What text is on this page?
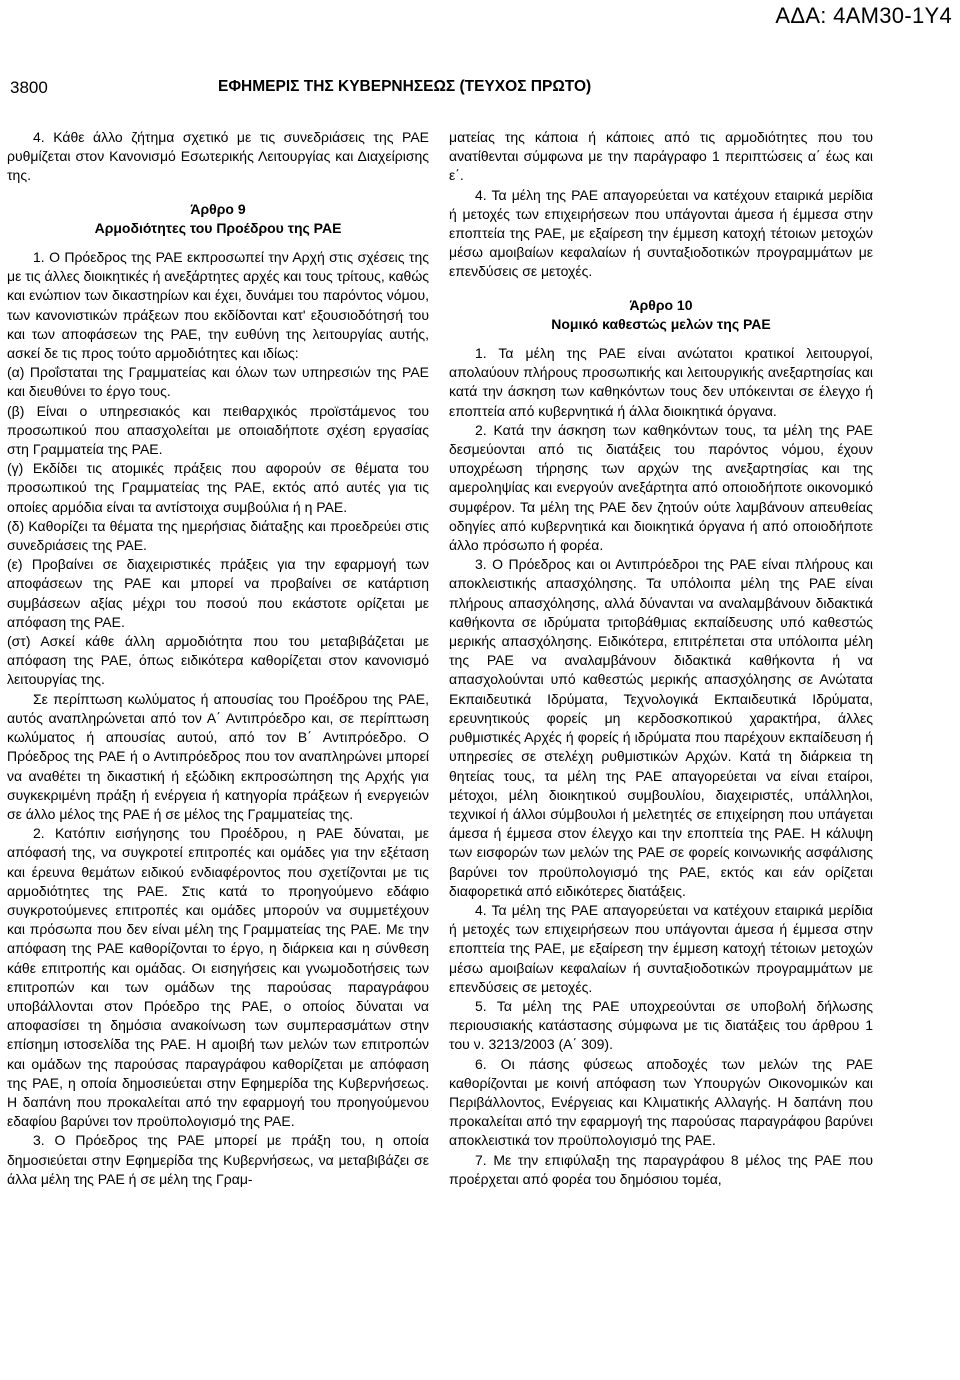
ΑΔΑ: 4ΑΜ30-1Υ4
3800	ΕΦΗΜΕΡΙΣ ΤΗΣ ΚΥΒΕΡΝΗΣΕΩΣ (ΤΕΥΧΟΣ ΠΡΩΤΟ)

4. Κάθε άλλο ζήτημα σχετικό με τις συνεδριάσεις της ΡΑΕ ρυθμίζεται στον Κανονισμό Εσωτερικής Λειτουργίας και Διαχείρισης της.

Άρθρο 9
Αρμοδιότητες του Προέδρου της ΡΑΕ

1. Ο Πρόεδρος της ΡΑΕ εκπροσωπεί την Αρχή στις σχέσεις της με τις άλλες διοικητικές ή ανεξάρτητες αρχές και τους τρίτους, καθώς και ενώπιον των δικαστηρίων και έχει, δυνάμει του παρόντος νόμου, των κανονιστικών πράξεων που εκδίδονται κατ' εξουσιοδότησή του και των αποφάσεων της ΡΑΕ, την ευθύνη της λειτουργίας αυτής, ασκεί δε τις προς τούτο αρμοδιότητες και ιδίως:

(α) Προΐσταται της Γραμματείας και όλων των υπηρεσιών της ΡΑΕ και διευθύνει το έργο τους.

(β) Είναι ο υπηρεσιακός και πειθαρχικός προϊστάμενος του προσωπικού που απασχολείται με οποιαδήποτε σχέση εργασίας στη Γραμματεία της ΡΑΕ.

(γ) Εκδίδει τις ατομικές πράξεις που αφορούν σε θέματα του προσωπικού της Γραμματείας της ΡΑΕ, εκτός από αυτές για τις οποίες αρμόδια είναι τα αντίστοιχα συμβούλια ή η ΡΑΕ.

(δ) Καθορίζει τα θέματα της ημερήσιας διάταξης και προεδρεύει στις συνεδριάσεις της ΡΑΕ.

(ε) Προβαίνει σε διαχειριστικές πράξεις για την εφαρμογή των αποφάσεων της ΡΑΕ και μπορεί να προβαίνει σε κατάρτιση συμβάσεων αξίας μέχρι του ποσού που εκάστοτε ορίζεται με απόφαση της ΡΑΕ.

(στ) Ασκεί κάθε άλλη αρμοδιότητα που του μεταβιβάζεται με απόφαση της ΡΑΕ, όπως ειδικότερα καθορίζεται στον κανονισμό λειτουργίας της.

Σε περίπτωση κωλύματος ή απουσίας του Προέδρου της ΡΑΕ, αυτός αναπληρώνεται από τον Α΄ Αντιπρόεδρο και, σε περίπτωση κωλύματος ή απουσίας αυτού, από τον Β΄ Αντιπρόεδρο. Ο Πρόεδρος της ΡΑΕ ή ο Αντιπρόεδρος που τον αναπληρώνει μπορεί να αναθέτει τη δικαστική ή εξώδικη εκπροσώπηση της Αρχής για συγκεκριμένη πράξη ή ενέργεια ή κατηγορία πράξεων ή ενεργειών σε άλλο μέλος της ΡΑΕ ή σε μέλος της Γραμματείας της.

2. Κατόπιν εισήγησης του Προέδρου, η ΡΑΕ δύναται, με απόφασή της, να συγκροτεί επιτροπές και ομάδες για την εξέταση και έρευνα θεμάτων ειδικού ενδιαφέροντος που σχετίζονται με τις αρμοδιότητες της ΡΑΕ. Στις κατά το προηγούμενο εδάφιο συγκροτούμενες επιτροπές και ομάδες μπορούν να συμμετέχουν και πρόσωπα που δεν είναι μέλη της Γραμματείας της ΡΑΕ. Με την απόφαση της ΡΑΕ καθορίζονται το έργο, η διάρκεια και η σύνθεση κάθε επιτροπής και ομάδας. Οι εισηγήσεις και γνωμοδοτήσεις των επιτροπών και των ομάδων της παρούσας παραγράφου υποβάλλονται στον Πρόεδρο της ΡΑΕ, ο οποίος δύναται να αποφασίσει τη δημόσια ανακοίνωση των συμπερασμάτων στην επίσημη ιστοσελίδα της ΡΑΕ. Η αμοιβή των μελών των επιτροπών και ομάδων της παρούσας παραγράφου καθορίζεται με απόφαση της ΡΑΕ, η οποία δημοσιεύεται στην Εφημερίδα της Κυβερνήσεως. Η δαπάνη που προκαλείται από την εφαρμογή του προηγούμενου εδαφίου βαρύνει τον προϋπολογισμό της ΡΑΕ.

3. Ο Πρόεδρος της ΡΑΕ μπορεί με πράξη του, η οποία δημοσιεύεται στην Εφημερίδα της Κυβερνήσεως, να μεταβιβάζει σε άλλα μέλη της ΡΑΕ ή σε μέλη της Γραμ-

ματείας της κάποια ή κάποιες από τις αρμοδιότητες που του ανατίθενται σύμφωνα με την παράγραφο 1 περιπτώσεις α΄ έως και ε΄.

4. Τα μέλη της ΡΑΕ απαγορεύεται να κατέχουν εταιρικά μερίδια ή μετοχές των επιχειρήσεων που υπάγονται άμεσα ή έμμεσα στην εποπτεία της ΡΑΕ, με εξαίρεση την έμμεση κατοχή τέτοιων μετοχών μέσω αμοιβαίων κεφαλαίων ή συνταξιοδοτικών προγραμμάτων με επενδύσεις σε μετοχές.

Άρθρο 10
Νομικό καθεστώς μελών της ΡΑΕ

1. Τα μέλη της ΡΑΕ είναι ανώτατοι κρατικοί λειτουργοί, απολαύουν πλήρους προσωπικής και λειτουργικής ανεξαρτησίας και κατά την άσκηση των καθηκόντων τους δεν υπόκεινται σε έλεγχο ή εποπτεία από κυβερνητικά ή άλλα διοικητικά όργανα.

2. Κατά την άσκηση των καθηκόντων τους, τα μέλη της ΡΑΕ δεσμεύονται από τις διατάξεις του παρόντος νόμου, έχουν υποχρέωση τήρησης των αρχών της ανεξαρτησίας και της αμεροληψίας και ενεργούν ανεξάρτητα από οποιοδήποτε οικονομικό συμφέρον. Τα μέλη της ΡΑΕ δεν ζητούν ούτε λαμβάνουν απευθείας οδηγίες από κυβερνητικά και διοικητικά όργανα ή από οποιοδήποτε άλλο πρόσωπο ή φορέα.

3. Ο Πρόεδρος και οι Αντιπρόεδροι της ΡΑΕ είναι πλήρους και αποκλειστικής απασχόλησης. Τα υπόλοιπα μέλη της ΡΑΕ είναι πλήρους απασχόλησης, αλλά δύνανται να αναλαμβάνουν διδακτικά καθήκοντα σε ιδρύματα τριτοβάθμιας εκπαίδευσης υπό καθεστώς μερικής απασχόλησης. Ειδικότερα, επιτρέπεται στα υπόλοιπα μέλη της ΡΑΕ να αναλαμβάνουν διδακτικά καθήκοντα ή να απασχολούνται υπό καθεστώς μερικής απασχόλησης σε Ανώτατα Εκπαιδευτικά Ιδρύματα, Τεχνολογικά Εκπαιδευτικά Ιδρύματα, ερευνητικούς φορείς μη κερδοσκοπικού χαρακτήρα, άλλες ρυθμιστικές Αρχές ή φορείς ή ιδρύματα που παρέχουν εκπαίδευση ή υπηρεσίες σε στελέχη ρυθμιστικών Αρχών. Κατά τη διάρκεια τη θητείας τους, τα μέλη της ΡΑΕ απαγορεύεται να είναι εταίροι, μέτοχοι, μέλη διοικητικού συμβουλίου, διαχειριστές, υπάλληλοι, τεχνικοί ή άλλοι σύμβουλοι ή μελετητές σε επιχείρηση που υπάγεται άμεσα ή έμμεσα στον έλεγχο και την εποπτεία της ΡΑΕ. Η κάλυψη των εισφορών των μελών της ΡΑΕ σε φορείς κοινωνικής ασφάλισης βαρύνει τον προϋπολογισμό της ΡΑΕ, εκτός και εάν ορίζεται διαφορετικά από ειδικότερες διατάξεις.

4. Τα μέλη της ΡΑΕ απαγορεύεται να κατέχουν εταιρικά μερίδια ή μετοχές των επιχειρήσεων που υπάγονται άμεσα ή έμμεσα στην εποπτεία της ΡΑΕ, με εξαίρεση την έμμεση κατοχή τέτοιων μετοχών μέσω αμοιβαίων κεφαλαίων ή συνταξιοδοτικών προγραμμάτων με επενδύσεις σε μετοχές.

5. Τα μέλη της ΡΑΕ υποχρεούνται σε υποβολή δήλωσης περιουσιακής κατάστασης σύμφωνα με τις διατάξεις του άρθρου 1 του ν. 3213/2003 (Α΄ 309).

6. Οι πάσης φύσεως αποδοχές των μελών της ΡΑΕ καθορίζονται με κοινή απόφαση των Υπουργών Οικονομικών και Περιβάλλοντος, Ενέργειας και Κλιματικής Αλλαγής. Η δαπάνη που προκαλείται από την εφαρμογή της παρούσας παραγράφου βαρύνει αποκλειστικά τον προϋπολογισμό της ΡΑΕ.

7. Με την επιφύλαξη της παραγράφου 8 μέλος της ΡΑΕ που προέρχεται από φορέα του δημόσιου τομέα,
